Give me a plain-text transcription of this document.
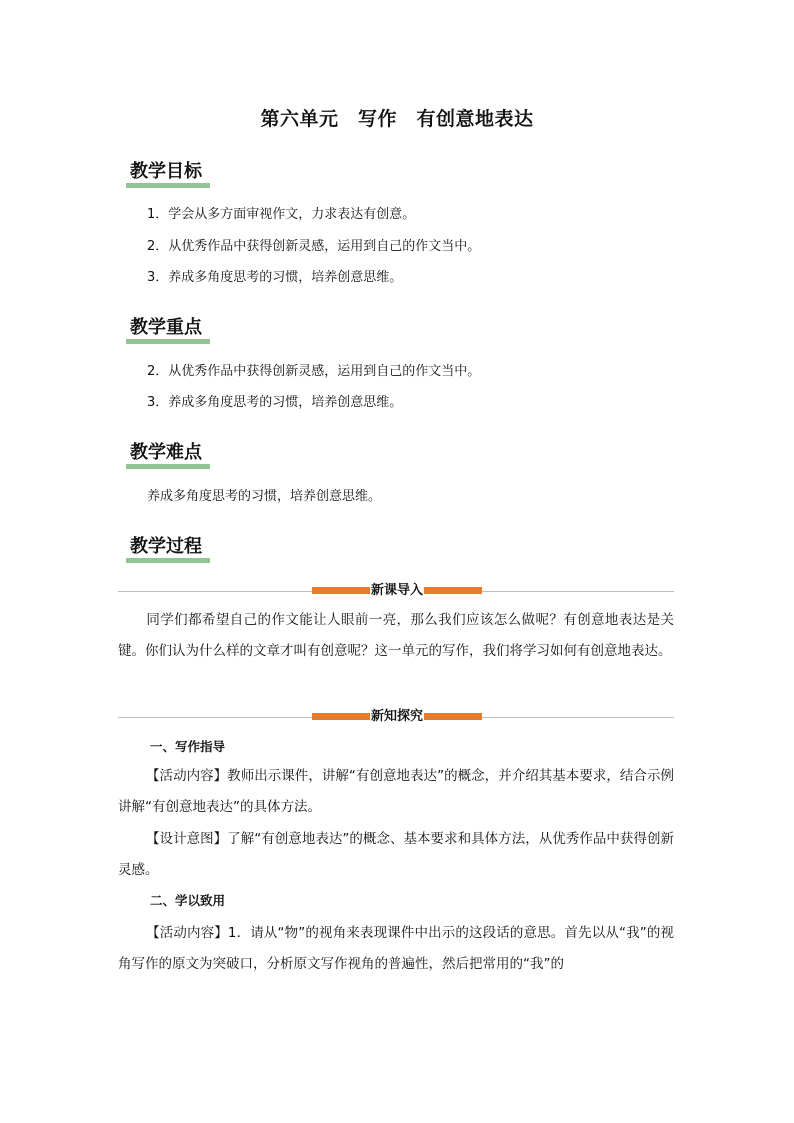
第六单元　写作　有创意地表达
教学目标
1．学会从多方面审视作文，力求表达有创意。
2．从优秀作品中获得创新灵感，运用到自己的作文当中。
3．养成多角度思考的习惯，培养创意思维。
教学重点
2．从优秀作品中获得创新灵感，运用到自己的作文当中。
3．养成多角度思考的习惯，培养创意思维。
教学难点
养成多角度思考的习惯，培养创意思维。
教学过程
新课导入
同学们都希望自己的作文能让人眼前一亮，那么我们应该怎么做呢？有创意地表达是关键。你们认为什么样的文章才叫有创意呢？这一单元的写作，我们将学习如何有创意地表达。
新知探究
一、写作指导
【活动内容】教师出示课件，讲解“有创意地表达”的概念，并介绍其基本要求，结合示例讲解“有创意地表达”的具体方法。
【设计意图】了解“有创意地表达”的概念、基本要求和具体方法，从优秀作品中获得创新灵感。
二、学以致用
【活动内容】1．请从“物”的视角来表现课件中出示的这段话的意思。首先以从“我”的视角写作的原文为突破口，分析原文写作视角的普遍性，然后把常用的“我”的
